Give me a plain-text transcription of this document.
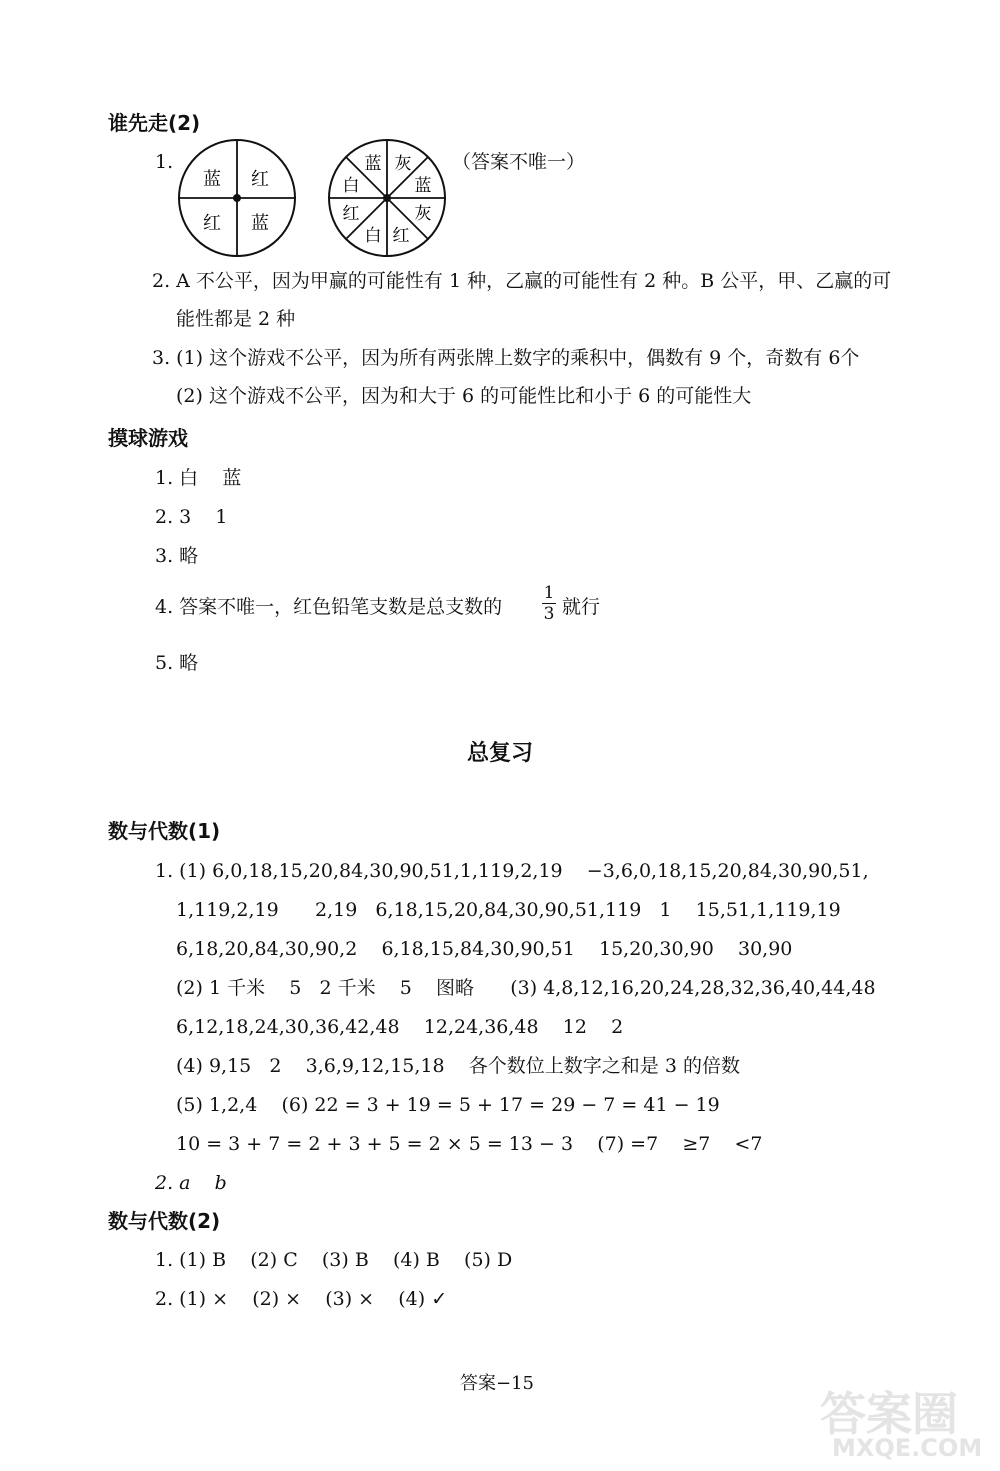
谁先走(2)
1.
蓝 红
红 蓝
蓝 灰
蓝
灰
红
白
红
白
（答案不唯一）
2. A 不公平，因为甲赢的可能性有 1 种，乙赢的可能性有 2 种。B 公平，甲、乙赢的可
能性都是 2 种
3. (1) 这个游戏不公平，因为所有两张牌上数字的乘积中，偶数有 9 个，奇数有 6个
(2) 这个游戏不公平，因为和大于 6 的可能性比和小于 6 的可能性大
摸球游戏
1. 白    蓝
2. 3    1
3. 略
4. 答案不唯一，红色铅笔支数是总支数的 $\frac{1}{3}$ 就行
5. 略
总复习
数与代数(1)
1. (1) 6,0,18,15,20,84,30,90,51,1,119,2,19    −3,6,0,18,15,20,84,30,90,51,
1,119,2,19      2,19   6,18,15,20,84,30,90,51,119   1    15,51,1,119,19
6,18,20,84,30,90,2    6,18,15,84,30,90,51    15,20,30,90    30,90
(2) 1 千米    5   2 千米    5    图略      (3) 4,8,12,16,20,24,28,32,36,40,44,48
6,12,18,24,30,36,42,48    12,24,36,48    12    2
(4) 9,15   2    3,6,9,12,15,18    各个数位上数字之和是 3 的倍数
(5) 1,2,4    (6) 22 = 3 + 19 = 5 + 17 = 29 − 7 = 41 − 19
10 = 3 + 7 = 2 + 3 + 5 = 2 × 5 = 13 − 3    (7) =7    ≥7    <7
2. a    b
数与代数(2)
1. (1) B    (2) C    (3) B    (4) B    (5) D
2. (1) ×    (2) ×    (3) ×    (4) ✓
答案−15
答案圈
MXQE.COM
